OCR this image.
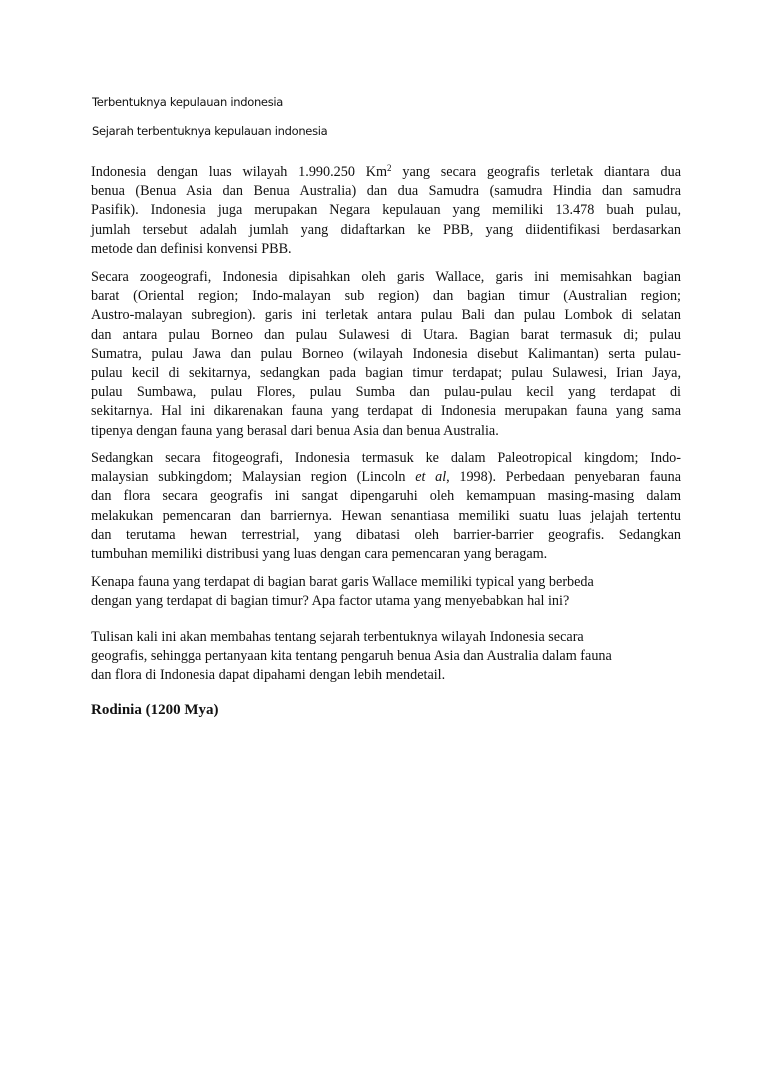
Terbentuknya kepulauan indonesia
Sejarah terbentuknya kepulauan indonesia
Indonesia dengan luas wilayah 1.990.250 Km$^2$ yang secara geografis terletak diantara dua
benua (Benua Asia dan Benua Australia) dan dua Samudra (samudra Hindia dan samudra
Pasifik). Indonesia juga merupakan Negara kepulauan yang memiliki 13.478 buah pulau,
jumlah tersebut adalah jumlah yang didaftarkan ke PBB, yang diidentifikasi berdasarkan
metode dan definisi konvensi PBB.
Secara zoogeografi, Indonesia dipisahkan oleh garis Wallace, garis ini memisahkan bagian
barat (Oriental region; Indo-malayan sub region) dan bagian timur (Australian region;
Austro-malayan subregion). garis ini terletak antara pulau Bali dan pulau Lombok di selatan
dan antara pulau Borneo dan pulau Sulawesi di Utara. Bagian barat termasuk di; pulau
Sumatra, pulau Jawa dan pulau Borneo (wilayah Indonesia disebut Kalimantan) serta pulau-
pulau kecil di sekitarnya, sedangkan pada bagian timur terdapat; pulau Sulawesi, Irian Jaya,
pulau Sumbawa, pulau Flores, pulau Sumba dan pulau-pulau kecil yang terdapat di
sekitarnya. Hal ini dikarenakan fauna yang terdapat di Indonesia merupakan fauna yang sama
tipenya dengan fauna yang berasal dari benua Asia dan benua Australia.
Sedangkan secara fitogeografi, Indonesia termasuk ke dalam Paleotropical kingdom; Indo-
malaysian subkingdom; Malaysian region (Lincoln et al, 1998). Perbedaan penyebaran fauna
dan flora secara geografis ini sangat dipengaruhi oleh kemampuan masing-masing dalam
melakukan pemencaran dan barriernya. Hewan senantiasa memiliki suatu luas jelajah tertentu
dan terutama hewan terrestrial, yang dibatasi oleh barrier-barrier geografis. Sedangkan
tumbuhan memiliki distribusi yang luas dengan cara pemencaran yang beragam.
Kenapa fauna yang terdapat di bagian barat garis Wallace memiliki typical yang berbeda
dengan yang terdapat di bagian timur? Apa factor utama yang menyebabkan hal ini?
Tulisan kali ini akan membahas tentang sejarah terbentuknya wilayah Indonesia secara
geografis, sehingga pertanyaan kita tentang pengaruh benua Asia dan Australia dalam fauna
dan flora di Indonesia dapat dipahami dengan lebih mendetail.
Rodinia (1200 Mya)
